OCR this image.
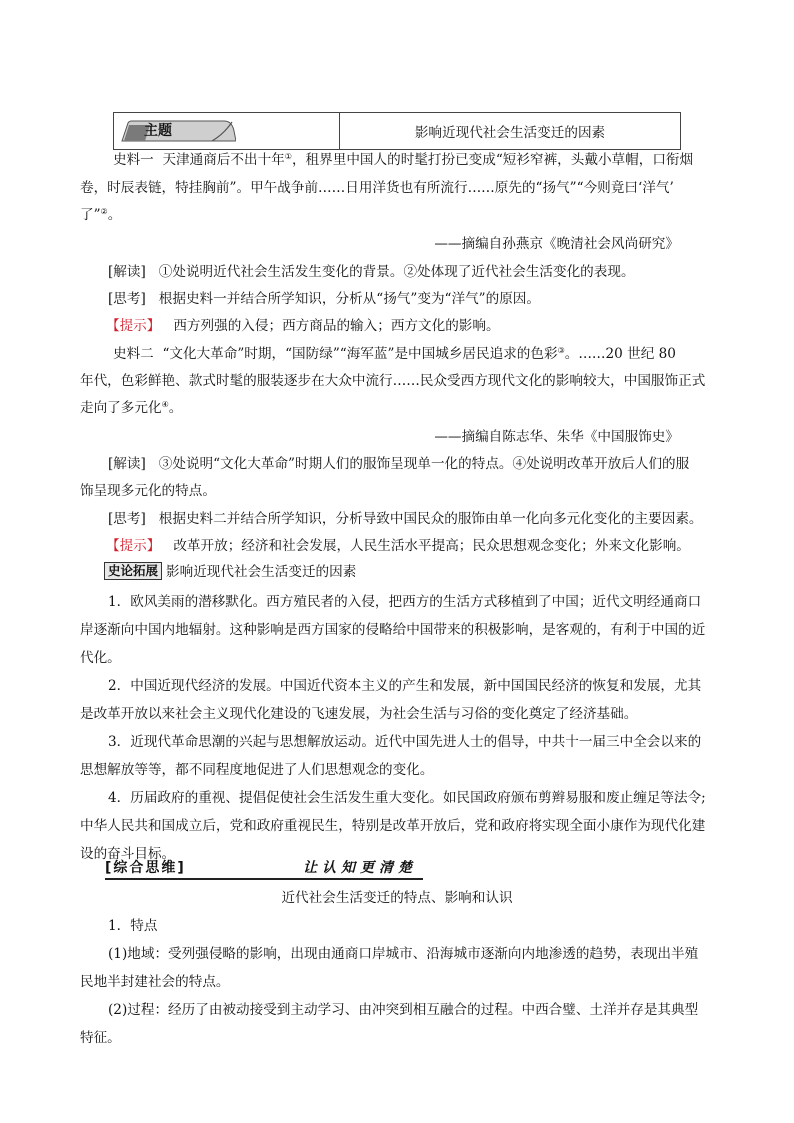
主题	影响近现代社会生活变迁的因素
史料一 天津通商后不出十年①，租界里中国人的时髦打扮已变成“短衫窄裤，头戴小草帽，口衔烟
卷，时辰表链，特挂胸前”。甲午战争前……日用洋货也有所流行……原先的“扬气”“今则竟曰‘洋气’
了”②。
——摘编自孙燕京《晚清社会风尚研究》
[解读] ①处说明近代社会生活发生变化的背景。②处体现了近代社会生活变化的表现。
[思考] 根据史料一并结合所学知识，分析从“扬气”变为“洋气”的原因。
【提示】 西方列强的入侵；西方商品的输入；西方文化的影响。
史料二 “文化大革命”时期，“国防绿”“海军蓝”是中国城乡居民追求的色彩③。……20 世纪 80
年代，色彩鲜艳、款式时髦的服装逐步在大众中流行……民众受西方现代文化的影响较大，中国服饰正式
走向了多元化④。
——摘编自陈志华、朱华《中国服饰史》
[解读] ③处说明“文化大革命”时期人们的服饰呈现单一化的特点。④处说明改革开放后人们的服
饰呈现多元化的特点。
[思考] 根据史料二并结合所学知识，分析导致中国民众的服饰由单一化向多元化变化的主要因素。
【提示】 改革开放；经济和社会发展，人民生活水平提高；民众思想观念变化；外来文化影响。
史论拓展 影响近现代社会生活变迁的因素
1．欧风美雨的潜移默化。西方殖民者的入侵，把西方的生活方式移植到了中国；近代文明经通商口
岸逐渐向中国内地辐射。这种影响是西方国家的侵略给中国带来的积极影响，是客观的，有利于中国的近
代化。
2．中国近现代经济的发展。中国近代资本主义的产生和发展，新中国国民经济的恢复和发展，尤其
是改革开放以来社会主义现代化建设的飞速发展，为社会生活与习俗的变化奠定了经济基础。
3．近现代革命思潮的兴起与思想解放运动。近代中国先进人士的倡导，中共十一届三中全会以来的
思想解放等等，都不同程度地促进了人们思想观念的变化。
4．历届政府的重视、提倡促使社会生活发生重大变化。如民国政府颁布剪辫易服和废止缠足等法令;
中华人民共和国成立后，党和政府重视民生，特别是改革开放后，党和政府将实现全面小康作为现代化建
设的奋斗目标。
[综合思维]	让认知更清楚
近代社会生活变迁的特点、影响和认识
1．特点
(1)地域：受列强侵略的影响，出现由通商口岸城市、沿海城市逐渐向内地渗透的趋势，表现出半殖
民地半封建社会的特点。
(2)过程：经历了由被动接受到主动学习、由冲突到相互融合的过程。中西合璧、土洋并存是其典型
特征。
